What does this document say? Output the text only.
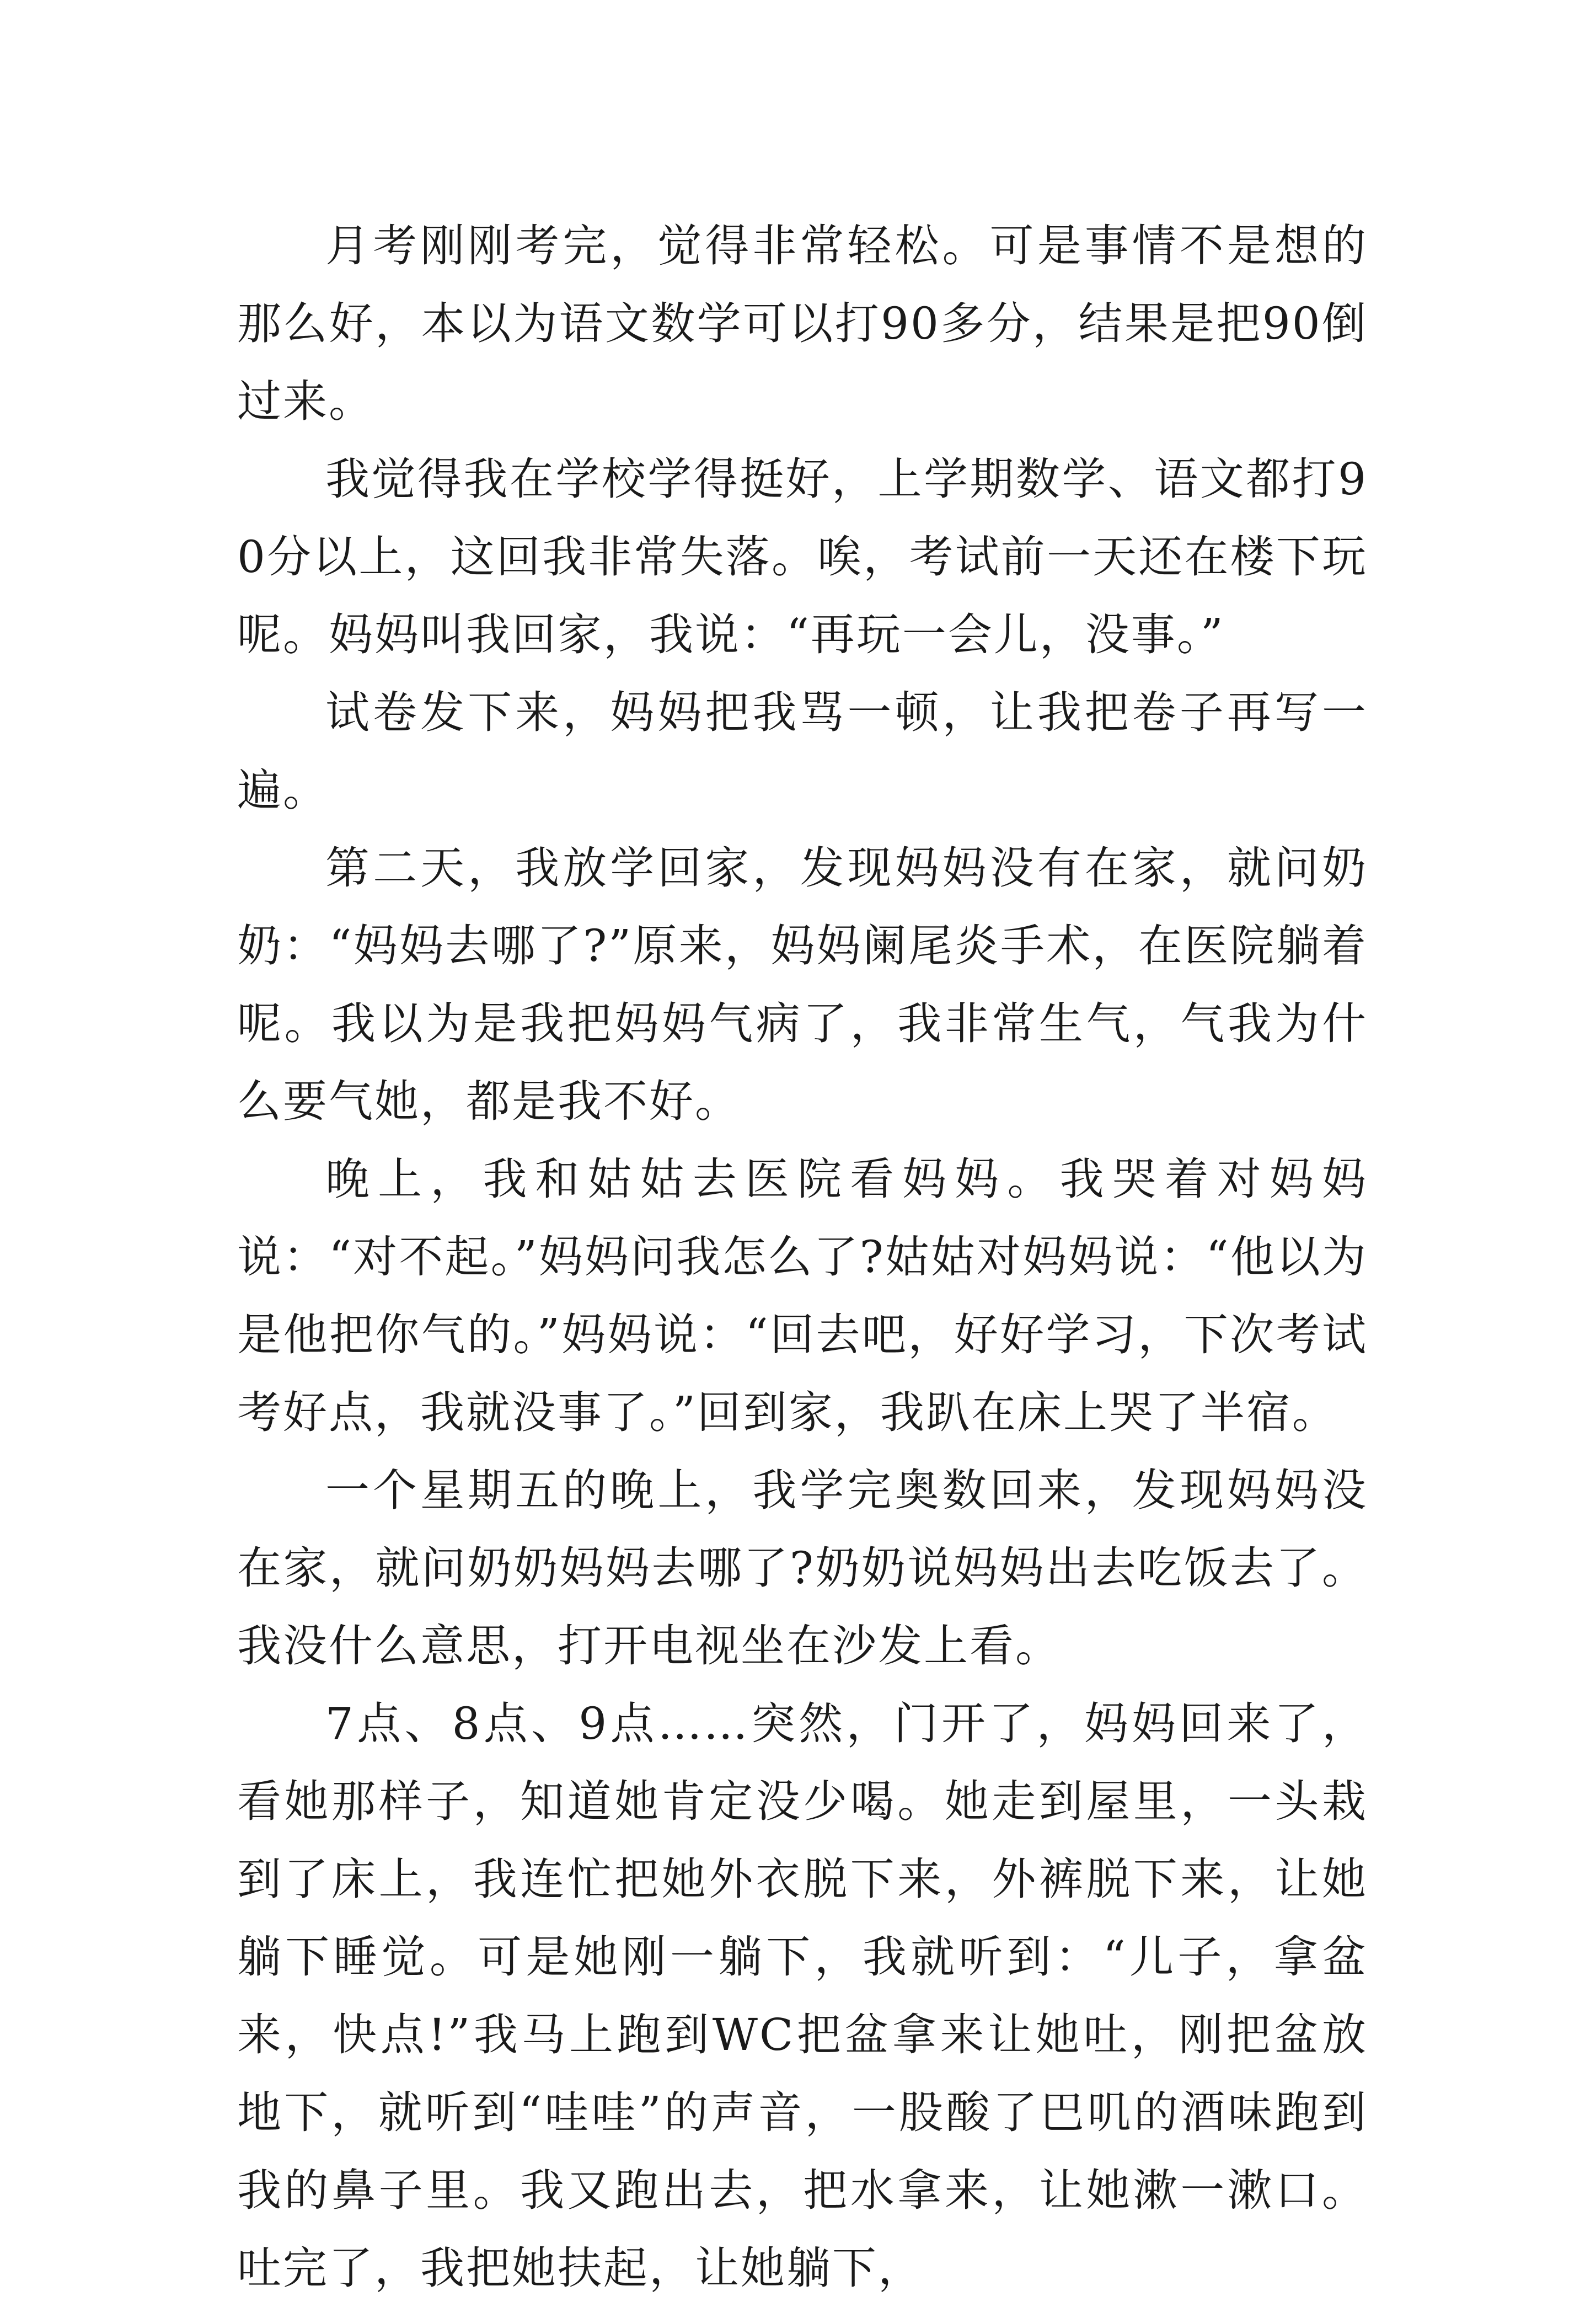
月考刚刚考完，觉得非常轻松。可是事情不是想的那么好，本以为语文数学可以打90多分，结果是把90倒过来。

我觉得我在学校学得挺好，上学期数学、语文都打90分以上，这回我非常失落。唉，考试前一天还在楼下玩呢。妈妈叫我回家，我说：“再玩一会儿，没事。”

试卷发下来，妈妈把我骂一顿，让我把卷子再写一遍。

第二天，我放学回家，发现妈妈没有在家，就问奶奶：“妈妈去哪了?”原来，妈妈阑尾炎手术，在医院躺着呢。我以为是我把妈妈气病了，我非常生气，气我为什么要气她，都是我不好。

晚上，我和姑姑去医院看妈妈。我哭着对妈妈说：“对不起。”妈妈问我怎么了?姑姑对妈妈说：“他以为是他把你气的。”妈妈说：“回去吧，好好学习，下次考试考好点，我就没事了。”回到家，我趴在床上哭了半宿。

一个星期五的晚上，我学完奥数回来，发现妈妈没在家，就问奶奶妈妈去哪了?奶奶说妈妈出去吃饭去了。我没什么意思，打开电视坐在沙发上看。

7点、8点、9点……突然，门开了，妈妈回来了，看她那样子，知道她肯定没少喝。她走到屋里，一头栽到了床上，我连忙把她外衣脱下来，外裤脱下来，让她躺下睡觉。可是她刚一躺下，我就听到：“儿子，拿盆来，快点!”我马上跑到WC把盆拿来让她吐，刚把盆放地下，就听到“哇哇”的声音，一股酸了巴叽的酒味跑到我的鼻子里。我又跑出去，把水拿来，让她漱一漱口。吐完了，我把她扶起，让她躺下，
